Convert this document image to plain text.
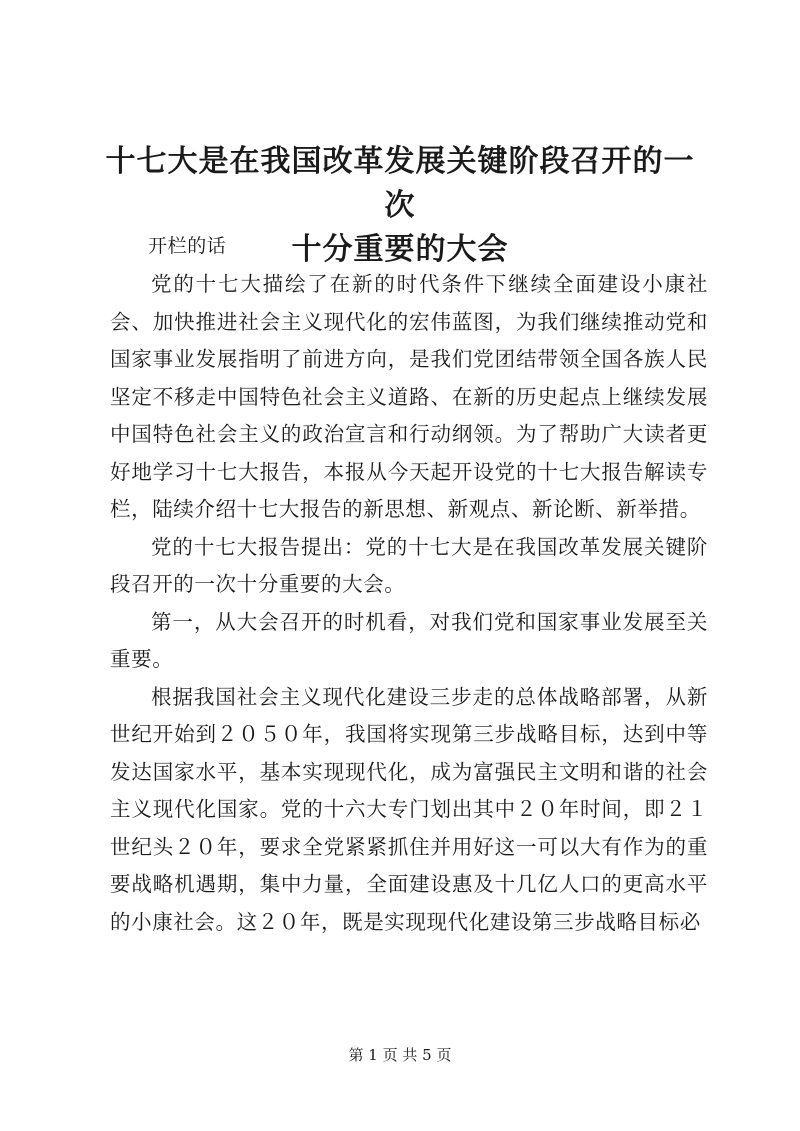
十七大是在我国改革发展关键阶段召开的一次
十分重要的大会

开栏的话

党的十七大描绘了在新的时代条件下继续全面建设小康社会、加快推进社会主义现代化的宏伟蓝图，为我们继续推动党和国家事业发展指明了前进方向，是我们党团结带领全国各族人民坚定不移走中国特色社会主义道路、在新的历史起点上继续发展中国特色社会主义的政治宣言和行动纲领。为了帮助广大读者更好地学习十七大报告，本报从今天起开设党的十七大报告解读专栏，陆续介绍十七大报告的新思想、新观点、新论断、新举措。

党的十七大报告提出：党的十七大是在我国改革发展关键阶段召开的一次十分重要的大会。

第一，从大会召开的时机看，对我们党和国家事业发展至关重要。

根据我国社会主义现代化建设三步走的总体战略部署，从新世纪开始到２０５０年，我国将实现第三步战略目标，达到中等发达国家水平，基本实现现代化，成为富强民主文明和谐的社会主义现代化国家。党的十六大专门划出其中２０年时间，即２１世纪头２０年，要求全党紧紧抓住并用好这一可以大有作为的重要战略机遇期，集中力量，全面建设惠及十几亿人口的更高水平的小康社会。这２０年，既是实现现代化建设第三步战略目标必

第 1 页 共 5 页
